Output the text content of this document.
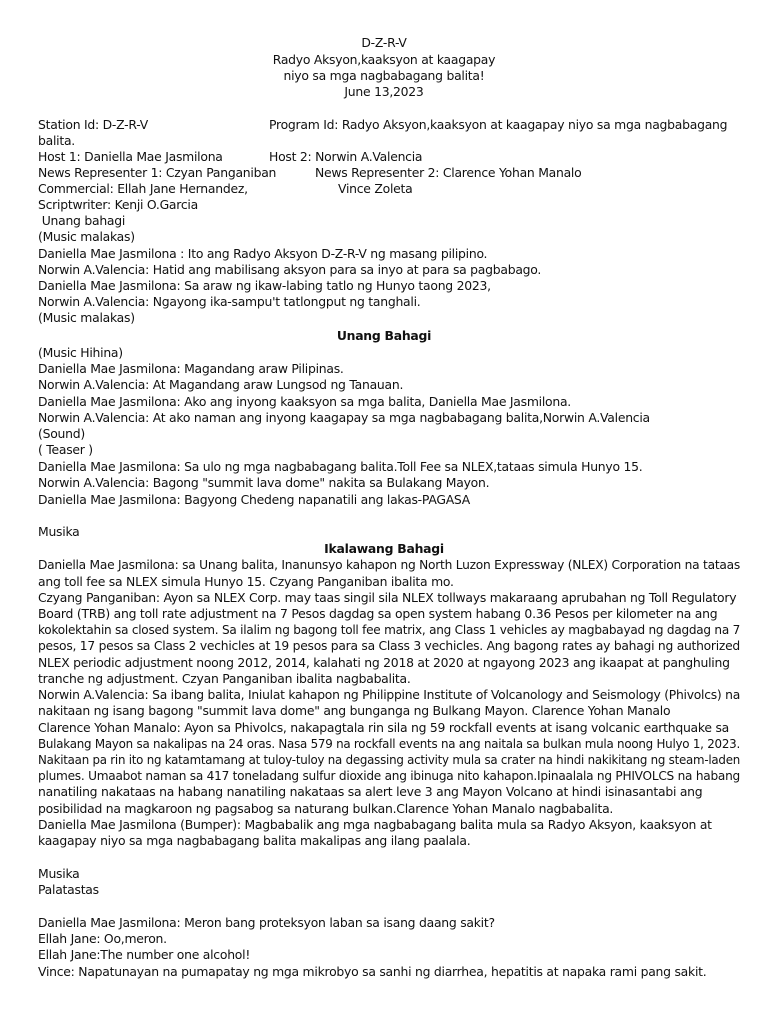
D-Z-R-V
Radyo Aksyon,kaaksyon at kaagapay
niyo sa mga nagbabagang balita!
June 13,2023
Station Id: D-Z-R-V	Program Id: Radyo Aksyon,kaaksyon at kaagapay niyo sa mga nagbabagang
balita.
Host 1: Daniella Mae Jasmilona	Host 2: Norwin A.Valencia
News Representer 1: Czyan Panganiban	News Representer 2: Clarence Yohan Manalo
Commercial: Ellah Jane Hernandez,	Vince Zoleta
Scriptwriter: Kenji O.Garcia
Unang bahagi
(Music malakas)
Daniella Mae Jasmilona : Ito ang Radyo Aksyon D-Z-R-V ng masang pilipino.
Norwin A.Valencia: Hatid ang mabilisang aksyon para sa inyo at para sa pagbabago.
Daniella Mae Jasmilona: Sa araw ng ikaw-labing tatlo ng Hunyo taong 2023,
Norwin A.Valencia: Ngayong ika-sampu't tatlongput ng tanghali.
(Music malakas)
Unang Bahagi
(Music Hihina)
Daniella Mae Jasmilona: Magandang araw Pilipinas.
Norwin A.Valencia: At Magandang araw Lungsod ng Tanauan.
Daniella Mae Jasmilona: Ako ang inyong kaaksyon sa mga balita, Daniella Mae Jasmilona.
Norwin A.Valencia: At ako naman ang inyong kaagapay sa mga nagbabagang balita,Norwin A.Valencia
(Sound)
( Teaser )
Daniella Mae Jasmilona: Sa ulo ng mga nagbabagang balita.Toll Fee sa NLEX,tataas simula Hunyo 15.
Norwin A.Valencia: Bagong "summit lava dome" nakita sa Bulakang Mayon.
Daniella Mae Jasmilona: Bagyong Chedeng napanatili ang lakas-PAGASA
Musika
Ikalawang Bahagi
Daniella Mae Jasmilona: sa Unang balita, Inanunsyo kahapon ng North Luzon Expressway (NLEX) Corporation na tataas
ang toll fee sa NLEX simula Hunyo 15. Czyang Panganiban ibalita mo.
Czyang Panganiban: Ayon sa NLEX Corp. may taas singil sila NLEX tollways makaraang aprubahan ng Toll Regulatory
Board (TRB) ang toll rate adjustment na 7 Pesos dagdag sa open system habang 0.36 Pesos per kilometer na ang
kokolektahin sa closed system. Sa ilalim ng bagong toll fee matrix, ang Class 1 vehicles ay magbabayad ng dagdag na 7
pesos, 17 pesos sa Class 2 vechicles at 19 pesos para sa Class 3 vechicles. Ang bagong rates ay bahagi ng authorized
NLEX periodic adjustment noong 2012, 2014, kalahati ng 2018 at 2020 at ngayong 2023 ang ikaapat at panghuling
tranche ng adjustment. Czyan Panganiban ibalita nagbabalita.
Norwin A.Valencia: Sa ibang balita, Iniulat kahapon ng Philippine Institute of Volcanology and Seismology (Phivolcs) na
nakitaan ng isang bagong "summit lava dome" ang bunganga ng Bulkang Mayon. Clarence Yohan Manalo
Clarence Yohan Manalo: Ayon sa Phivolcs, nakapagtala rin sila ng 59 rockfall events at isang volcanic earthquake sa
Bulakang Mayon sa nakalipas na 24 oras. Nasa 579 na rockfall events na ang naitala sa bulkan mula noong Hulyo 1, 2023.
Nakitaan pa rin ito ng katamtamang at tuloy-tuloy na degassing activity mula sa crater na hindi nakikitang ng steam-laden
plumes. Umaabot naman sa 417 toneladang sulfur dioxide ang ibinuga nito kahapon.Ipinaalala ng PHIVOLCS na habang
nanatiling nakataas na habang nanatiling nakataas sa alert leve 3 ang Mayon Volcano at hindi isinasantabi ang
posibilidad na magkaroon ng pagsabog sa naturang bulkan.Clarence Yohan Manalo nagbabalita.
Daniella Mae Jasmilona (Bumper): Magbabalik ang mga nagbabagang balita mula sa Radyo Aksyon, kaaksyon at
kaagapay niyo sa mga nagbabagang balita makalipas ang ilang paalala.
Musika
Palatastas
Daniella Mae Jasmilona: Meron bang proteksyon laban sa isang daang sakit?
Ellah Jane: Oo,meron.
Ellah Jane:The number one alcohol!
Vince: Napatunayan na pumapatay ng mga mikrobyo sa sanhi ng diarrhea, hepatitis at napaka rami pang sakit.
